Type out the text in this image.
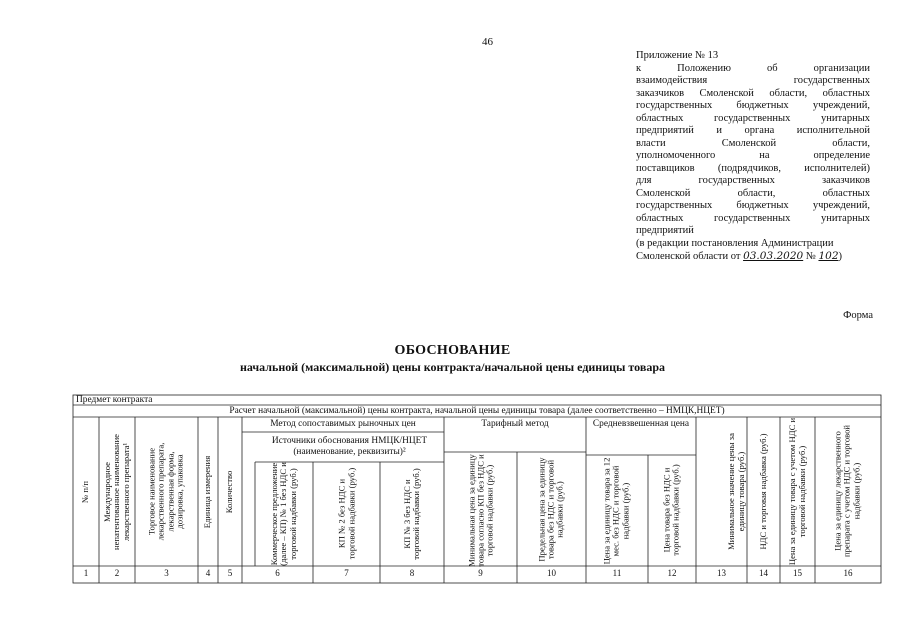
46
Приложение № 13
к Положению об организации
взаимодействия государственных
заказчиков Смоленской области, областных
государственных бюджетных учреждений,
областных государственных унитарных
предприятий и органа исполнительной
власти Смоленской области,
уполномоченного на определение
поставщиков (подрядчиков, исполнителей)
для государственных заказчиков
Смоленской области, областных
государственных бюджетных учреждений,
областных государственных унитарных
предприятий
(в редакции постановления Администрации
Смоленской области от 03.03.2020 № 102)
Форма
ОБОСНОВАНИЕ
начальной (максимальной) цены контракта/начальной цены единицы товара
Предмет контракта
Расчет начальной (максимальной) цены контракта, начальной цены единицы товара (далее соответственно – НМЦК,НЦЕТ)
Метод сопоставимых рыночных цен
Источники обоснования НМЦК/НЦЕТ (наименование, реквизиты)²
Тарифный метод	Средневзвешенная цена
№ п/п	Международное непатентованное наименование лекарственного препарата¹	Торговое наименование лекарственного препарата, лекарственная форма, дозировка, упаковка	Единица измерения	Количество	Коммерческое предложение (далее – КП) № 1 без НДС и торговой надбавки (руб.)	КП № 2 без НДС и торговой надбавки (руб.)	КП № 3 без НДС и торговой надбавки (руб.)	Минимальная цена за единицу товара согласно КП без НДС и торговой надбавки (руб.)	Предельная цена за единицу товара без НДС и торговой надбавки (руб.)	Цена за единицу товара за 12 мес. без НДС и торговой надбавки (руб.)	Цена товара без НДС и торговой надбавки (руб.)	Минимальное значение цены за единицу товара (руб.)	НДС и торговая надбавка (руб.)	Цена за единицу товара с учетом НДС и торговой надбавки (руб.)	Цена за единицу лекарственного препарата с учетом НДС и торговой надбавки (руб.)
1	2	3	4	5	6	7	8	9	10	11	12	13	14	15	16
